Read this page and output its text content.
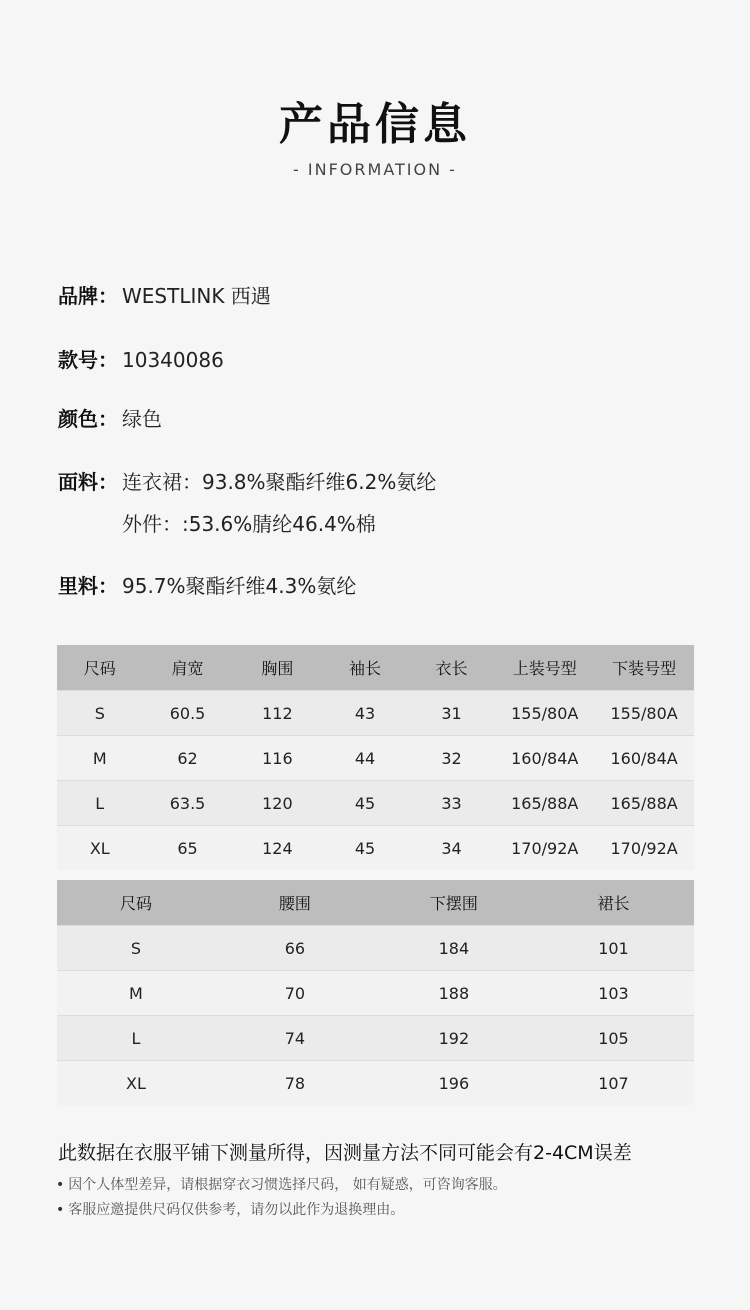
产品信息
- INFORMATION -
品牌： WESTLINK 西遇
款号： 10340086
颜色： 绿色
面料： 连衣裙：93.8%聚酯纤维6.2%氨纶
外件：:53.6%腈纶46.4%棉
里料： 95.7%聚酯纤维4.3%氨纶
尺码	肩宽	胸围	袖长	衣长	上装号型	下装号型
S	60.5	112	43	31	155/80A	155/80A
M	62	116	44	32	160/84A	160/84A
L	63.5	120	45	33	165/88A	165/88A
XL	65	124	45	34	170/92A	170/92A
尺码	腰围	下摆围	裙长
S	66	184	101
M	70	188	103
L	74	192	105
XL	78	196	107
此数据在衣服平铺下测量所得，因测量方法不同可能会有2-4CM误差
• 因个人体型差异，请根据穿衣习惯选择尺码， 如有疑惑，可咨询客服。
• 客服应邀提供尺码仅供参考，请勿以此作为退换理由。
